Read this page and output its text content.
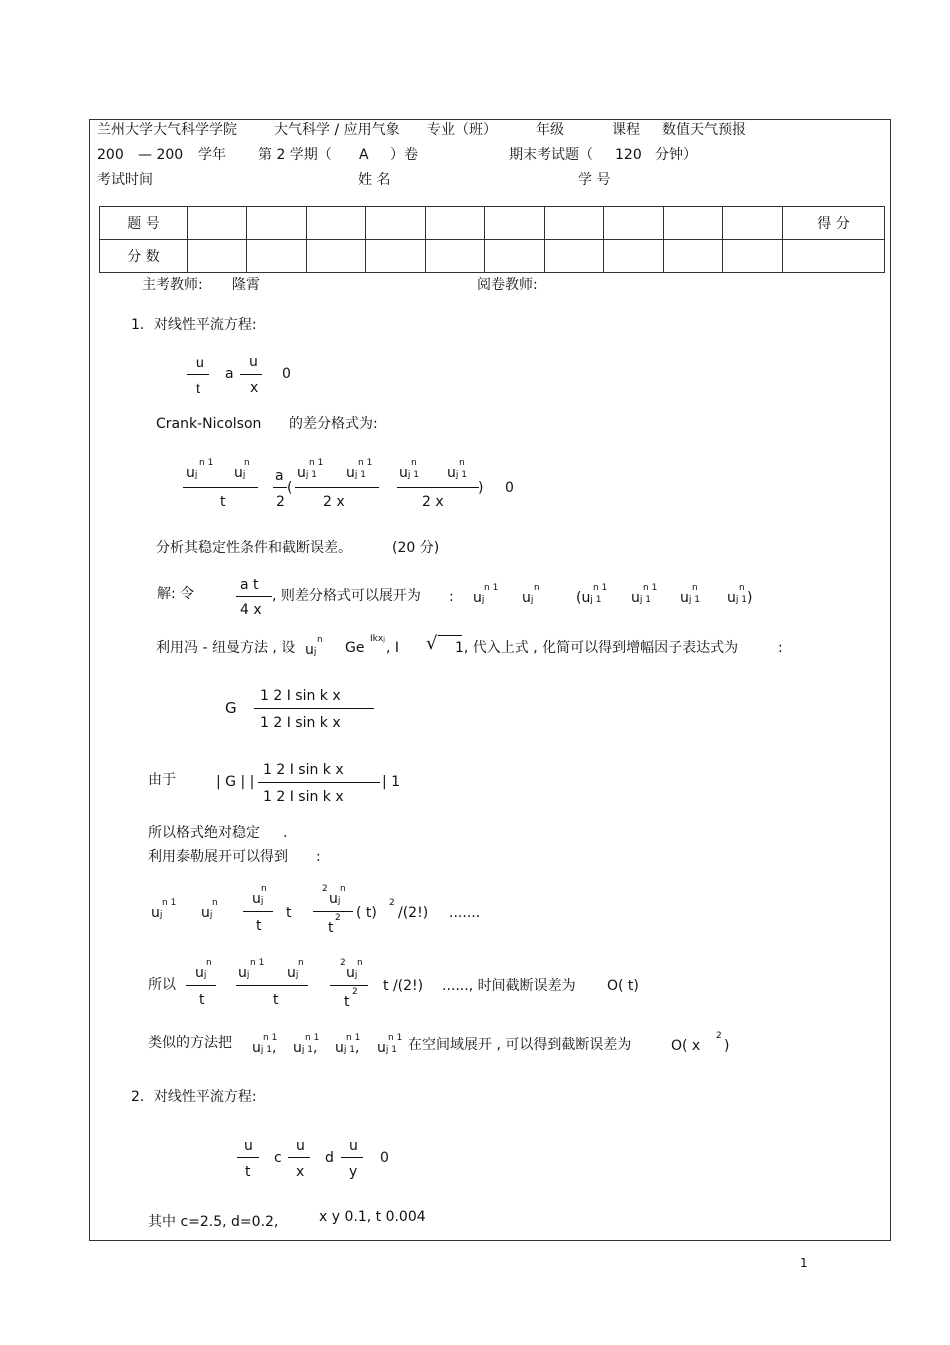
兰州大学大气科学学院	大气科学 / 应用气象 专业（班）	年级	课程 数值天气预报
200 — 200 学年 第 2 学期（ A ）卷	期末考试题（ 120 分钟）
考试时间	姓 名	学 号
题 号											得 分
分 数											
主考教师: 隆霄	阅卷教师:
1．对线性平流方程:
u
t
a
u
x
0
Crank-Nicolson 的差分格式为:
uj
n 1
uj
n
t
a
2
(
uj 1
n 1
uj 1
n 1
2 x
uj 1
n
uj 1
n
2 x
) 0
分析其稳定性条件和截断误差。	(20 分)
解: 令
a t
4 x
, 则差分格式可以展开为 : uj
n 1
uj
n
(uj 1
n 1
uj 1
n 1
uj 1
n
uj 1)
n
利用冯 - 纽曼方法 , 设 uj
n Ge
Ikxj
, I √ 1, 代入上式 , 化简可以得到增幅因子表达式为	:
G
1 2 I sin k x
1 2 I sin k x
由于	| G | |
1 2 I sin k x
1 2 I sin k x
| 1
所以格式绝对稳定 .
利用泰勒展开可以得到 :
uj
n 1
uj
n uj
n
t
t
2
uj
n
t
2 ( t)
2
/(2!) .......
所以
uj
n
t
uj
n 1
uj
n
t
2
uj
n
t
2 t /(2!) ......, 时间截断误差为 O( t)
类似的方法把 uj 1,
n 1
uj 1,
n 1
uj 1,
n 1
uj 1
n 1 在空间域展开 , 可以得到截断误差为	O( x
2
)
2．对线性平流方程:
u
t
c
u
x
d
u
y
0
其中 c=2.5, d=0.2,	x y 0.1, t 0.004
1
